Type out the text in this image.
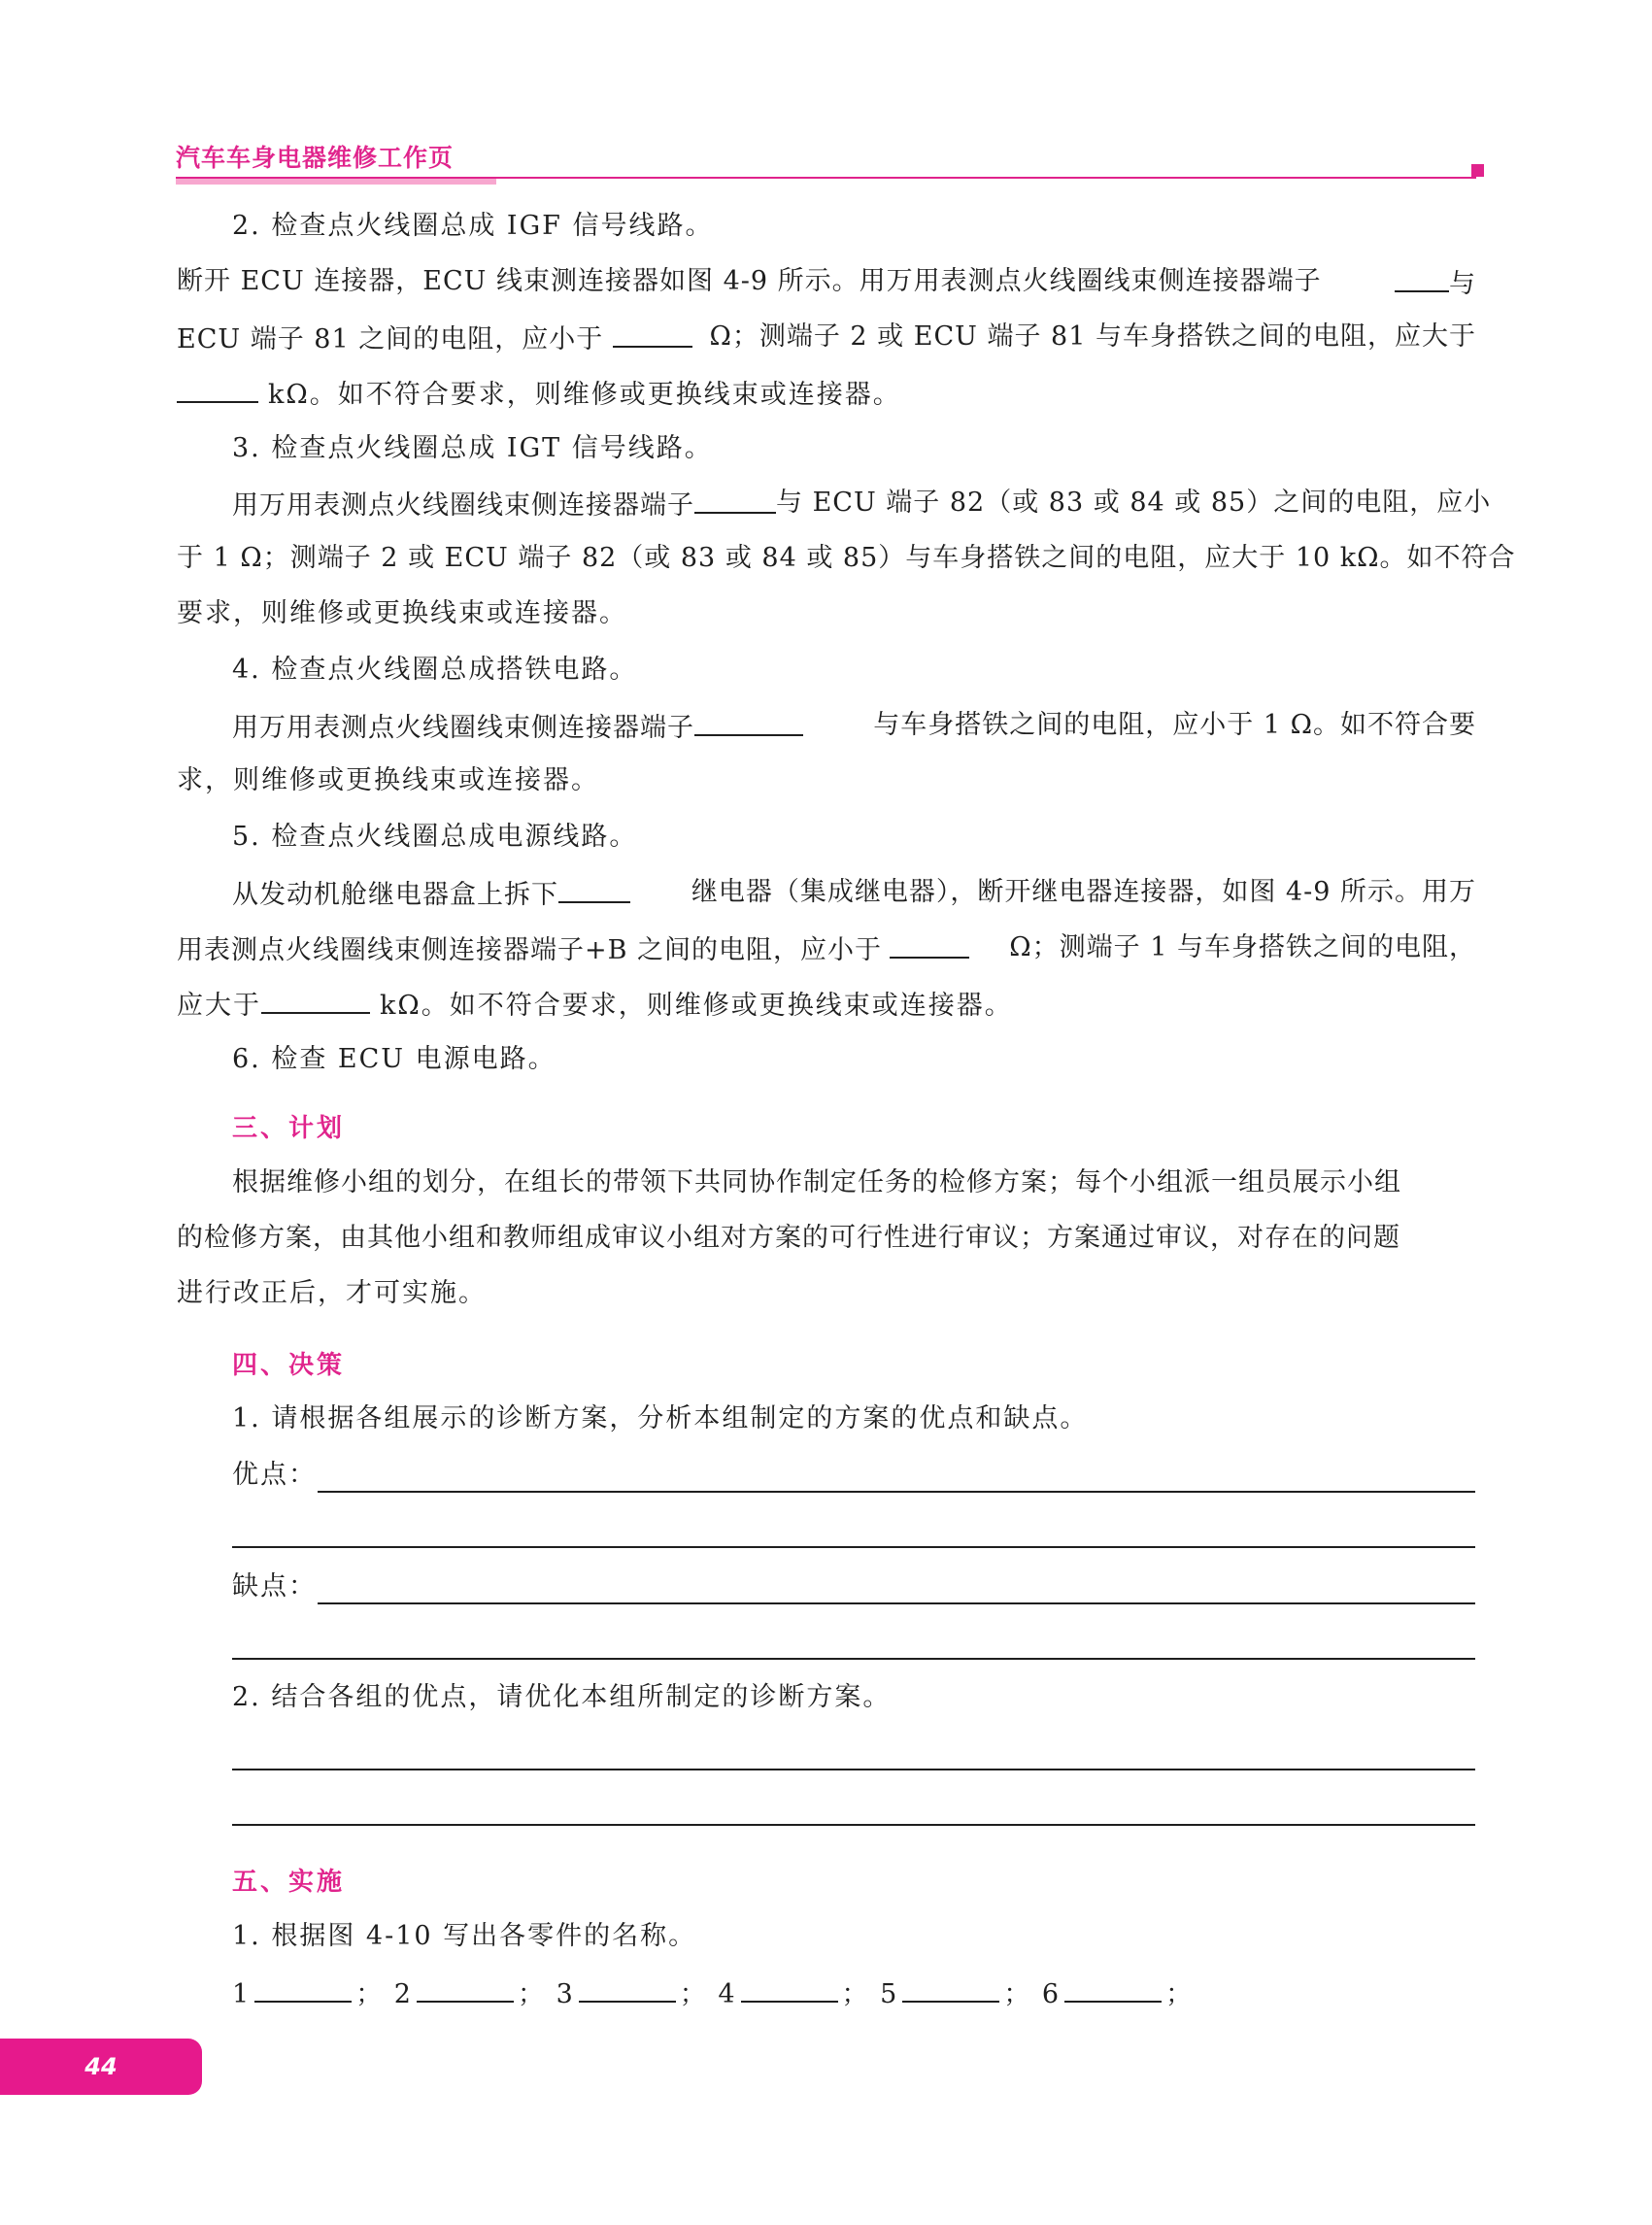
汽车车身电器维修工作页
2. 检查点火线圈总成 IGF 信号线路。
断开 ECU 连接器，ECU 线束测连接器如图 4-9 所示。用万用表测点火线圈线束侧连接器端子	与
ECU 端子 81 之间的电阻，应小于	Ω；测端子 2 或 ECU 端子 81 与车身搭铁之间的电阻，应大于
kΩ。如不符合要求，则维修或更换线束或连接器。
3. 检查点火线圈总成 IGT 信号线路。
用万用表测点火线圈线束侧连接器端子	与 ECU 端子 82（或 83 或 84 或 85）之间的电阻，应小
于 1 Ω；测端子 2 或 ECU 端子 82（或 83 或 84 或 85）与车身搭铁之间的电阻，应大于 10 kΩ。如不符合
要求，则维修或更换线束或连接器。
4. 检查点火线圈总成搭铁电路。
用万用表测点火线圈线束侧连接器端子	与车身搭铁之间的电阻，应小于 1 Ω。如不符合要
求，则维修或更换线束或连接器。
5. 检查点火线圈总成电源线路。
从发动机舱继电器盒上拆下	继电器（集成继电器），断开继电器连接器，如图 4-9 所示。用万
用表测点火线圈线束侧连接器端子+B 之间的电阻，应小于	Ω；测端子 1 与车身搭铁之间的电阻，
应大于	kΩ。如不符合要求，则维修或更换线束或连接器。
6. 检查 ECU 电源电路。
三、计划
根据维修小组的划分，在组长的带领下共同协作制定任务的检修方案；每个小组派一组员展示小组
的检修方案，由其他小组和教师组成审议小组对方案的可行性进行审议；方案通过审议，对存在的问题
进行改正后，才可实施。
四、决策
1. 请根据各组展示的诊断方案，分析本组制定的方案的优点和缺点。
优点：
缺点：
2. 结合各组的优点，请优化本组所制定的诊断方案。
五、实施
1. 根据图 4-10 写出各零件的名称。
1	； 2	； 3	； 4	； 5	； 6	；
44
